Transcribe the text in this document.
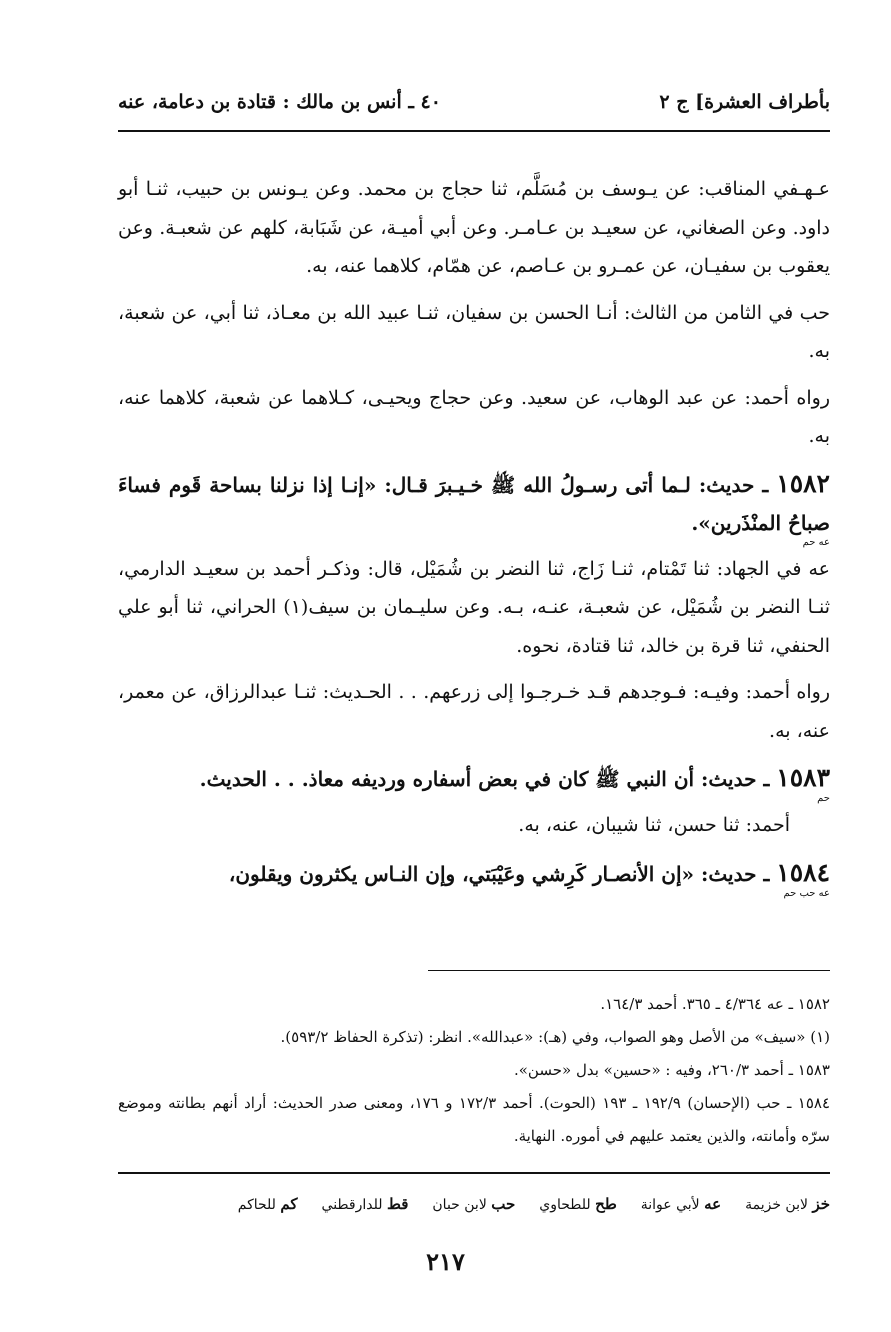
بأطراف العشرة] ج ٢
٤٠ ـ أنس بن مالك : قتادة بن دعامة، عنه

عـهـفي المناقب: عن يـوسف بن مُسَلَّم، ثنا حجاج بن محمد. وعن يـونس بن حبيب، ثنـا أبو داود. وعن الصغاني، عن سعيـد بن عـامـر. وعن أبي أميـة، عن شَبَابة، كلهم عن شعبـة. وعن يعقوب بن سفيـان، عن عمـرو بن عـاصم، عن همّام، كلاهما عنه، به.

حب في الثامن من الثالث: أنـا الحسن بن سفيان، ثنـا عبيد الله بن معـاذ، ثنا أبي، عن شعبة، به.

رواه أحمد: عن عبد الوهاب، عن سعيد. وعن حجاج ويحيـى، كـلاهما عن شعبة، كلاهما عنه، به.

١٥٨٢ ـ حديث: لـما أتى رسـولُ الله ﷺ خـيـبرَ قـال: «إنـا إذا نزلنا بساحة قَوم فساءَ صباحُ المنْذَرين».

عه حم

عه في الجهاد: ثنا تَمْتام، ثنـا زَاج، ثنا النضر بن شُمَيْل، قال: وذكـر أحمد بن سعيـد الدارمي، ثنـا النضر بن شُمَيْل، عن شعبـة، عنـه، بـه. وعن سليـمان بن سيف(١) الحراني، ثنا أبو علي الحنفي، ثنا قرة بن خالد، ثنا قتادة، نحوه.

رواه أحمد: وفيـه: فـوجدهم قـد خـرجـوا إلى زرعهم. . . الحـديث: ثنـا عبدالرزاق، عن معمر، عنه، به.

١٥٨٣ ـ حديث: أن النبي ﷺ كان في بعض أسفاره ورديفه معاذ. . . الحديث.

حم

أحمد: ثنا حسن، ثنا شيبان، عنه، به.

١٥٨٤ ـ حديث: «إن الأنصـار كَرِشي وعَيْبَتي، وإن النـاس يكثرون ويقلون،

عه حب حم

١٥٨٢ ـ عه ٤/٣٦٤ ـ ٣٦٥. أحمد ١٦٤/٣.

(١) «سيف» من الأصل وهو الصواب، وفي (هـ): «عبدالله». انظر: (تذكرة الحفاظ ٥٩٣/٢).

١٥٨٣ ـ أحمد ٢٦٠/٣، وفيه : «حسين» بدل «حسن».

١٥٨٤ ـ حب (الإحسان) ١٩٢/٩ ـ ١٩٣ (الحوت). أحمد ١٧٢/٣ و ١٧٦، ومعنى صدر الحديث: أراد أنهم بطانته وموضع سرّه وأمانته، والذين يعتمد عليهم في أموره. النهاية.

خز لابن خزيمة
عه لأبي عوانة
طح للطحاوي
حب لابن حبان
قط للدارقطني
كم للحاكم
٢١٧
